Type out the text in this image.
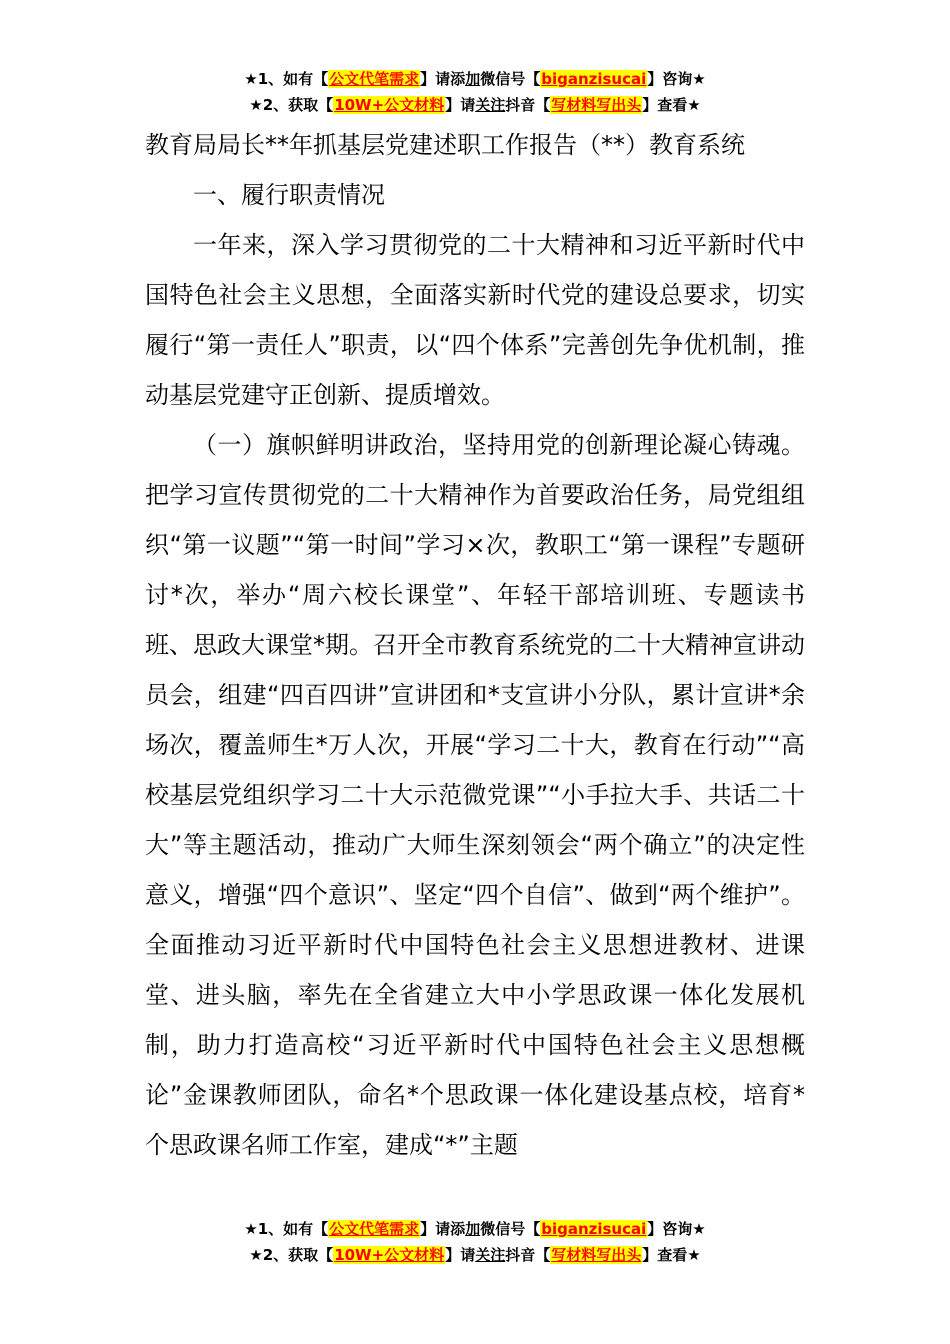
★1、如有【公文代笔需求】请添加微信号【biganzisucai】咨询★
★2、获取【10W+公文材料】请关注抖音【写材料写出头】查看★
教育局局长**年抓基层党建述职工作报告（**）教育系统

一、履行职责情况

一年来，深入学习贯彻党的二十大精神和习近平新时代中国特色社会主义思想，全面落实新时代党的建设总要求，切实履行“第一责任人”职责，以“四个体系”完善创先争优机制，推动基层党建守正创新、提质增效。

（一）旗帜鲜明讲政治，坚持用党的创新理论凝心铸魂。把学习宣传贯彻党的二十大精神作为首要政治任务，局党组组织“第一议题”“第一时间”学习×次，教职工“第一课程”专题研讨*次，举办“周六校长课堂”、年轻干部培训班、专题读书班、思政大课堂*期。召开全市教育系统党的二十大精神宣讲动员会，组建“四百四讲”宣讲团和*支宣讲小分队，累计宣讲*余场次，覆盖师生*万人次，开展“学习二十大，教育在行动”“高校基层党组织学习二十大示范微党课”“小手拉大手、共话二十大”等主题活动，推动广大师生深刻领会“两个确立”的决定性意义，增强“四个意识”、坚定“四个自信”、做到“两个维护”。全面推动习近平新时代中国特色社会主义思想进教材、进课堂、进头脑，率先在全省建立大中小学思政课一体化发展机制，助力打造高校“习近平新时代中国特色社会主义思想概论”金课教师团队，命名*个思政课一体化建设基点校，培育*个思政课名师工作室，建成“*”主题

★1、如有【公文代笔需求】请添加微信号【biganzisucai】咨询★
★2、获取【10W+公文材料】请关注抖音【写材料写出头】查看★
